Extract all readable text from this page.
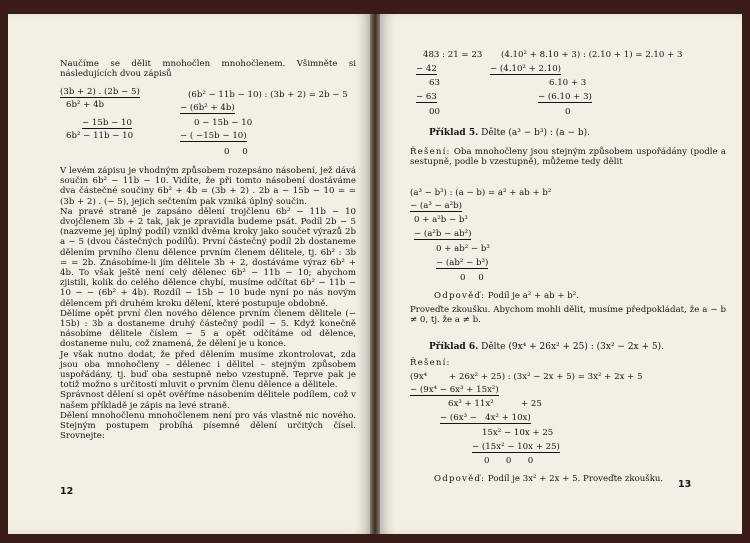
Naučíme se dělit mnohočlen mnohočlenem. Všimněte si následujících dvou zápisů

(3b + 2) . (2b − 5)
6b² + 4b
− 15b − 10
6b² − 11b − 10
(6b² − 11b − 10) : (3b + 2) = 2b − 5
− (6b² + 4b)
0 − 15b − 10
− ( −15b − 10)
0 0

V levém zápisu je vhodným způsobem rozepsáno násobení, jež dává součin 6b² − 11b − 10. Vidíte, že při tomto násobení dostáváme dva částečné součiny 6b² + 4b = (3b + 2) . 2b a − 15b − 10 = = (3b + 2) . (− 5), jejich sečtením pak vzniká úplný součin.

Na pravé straně je zapsáno dělení trojčlenu 6b² − 11b − 10 dvojčlenem 3b + 2 tak, jak je zpravidla budeme psát. Podíl 2b − 5 (nazveme jej úplný podíl) vznikl dvěma kroky jako součet výrazů 2b a − 5 (dvou částečných podílů). První částečný podíl 2b dostaneme dělením prvního členu dělence prvním členem dělitele, tj. 6b² : 3b = = 2b. Znásobíme-li jím dělitele 3b + 2, dostáváme výraz 6b² + 4b. To však ještě není celý dělenec 6b² − 11b − 10; abychom zjistili, kolik do celého dělence chybí, musíme odčítat 6b² − 11b − 10 − − (6b² + 4b). Rozdíl − 15b − 10 bude nyní po nás novým dělencem při druhém kroku dělení, které postupuje obdobně.

Dělíme opět první člen nového dělence prvním členem dělitele (− 15b) : 3b a dostaneme druhý částečný podíl − 5. Když konečně násobíme dělitele číslem − 5 a opět odčítáme od dělence, dostaneme nulu, což znamená, že dělení je u konce.

Je však nutno dodat, že před dělením musíme zkontrolovat, zda jsou oba mnohočleny – dělenec i dělitel – stejným způsobem uspořádány, tj. buď oba sestupně nebo vzestupně. Teprve pak je totiž možno s určitostí mluvit o prvním členu dělence a dělitele.

Správnost dělení si opět ověříme násobením dělitele podílem, což v našem příkladě je zápis na levé straně.

Dělení mnohočlenu mnohočlenem není pro vás vlastně nic nového. Stejným postupem probíhá písemné dělení určitých čísel. Srovnejte:

12
483 : 21 = 23
− 42
63
− 63
00
(4.10² + 8.10 + 3) : (2.10 + 1) = 2.10 + 3
− (4.10² + 2.10)
6.10 + 3
− (6.10 + 3)
0
Příklad 5. Dělte (a³ − b³) : (a − b).

Řešení: Oba mnohočleny jsou stejným způsobem uspořádány (podle a sestupně, podle b vzestupně), můžeme tedy dělit

(a³ − b³) : (a − b) = a² + ab + b²
− (a³ − a²b)
0 + a²b − b³
− (a²b − ab²)
0 + ab² − b³
− (ab² − b³)
0 0
Odpověď: Podíl je a² + ab + b².

Proveďte zkoušku. Abychom mohli dělit, musíme předpokládat, že a − b ≠ 0, tj. že a ≠ b.

Příklad 6. Dělte (9x⁴ + 26x² + 25) : (3x² − 2x + 5).
Řešení:
(9x⁴        + 26x² + 25) : (3x² − 2x + 5) = 3x² + 2x + 5
− (9x⁴ − 6x³ + 15x²)
6x³ + 11x²          + 25
− (6x³ −   4x² + 10x)
15x² − 10x + 25
− (15x² − 10x + 25)
0      0      0
Odpověď: Podíl je 3x² + 2x + 5. Proveďte zkoušku. 13
